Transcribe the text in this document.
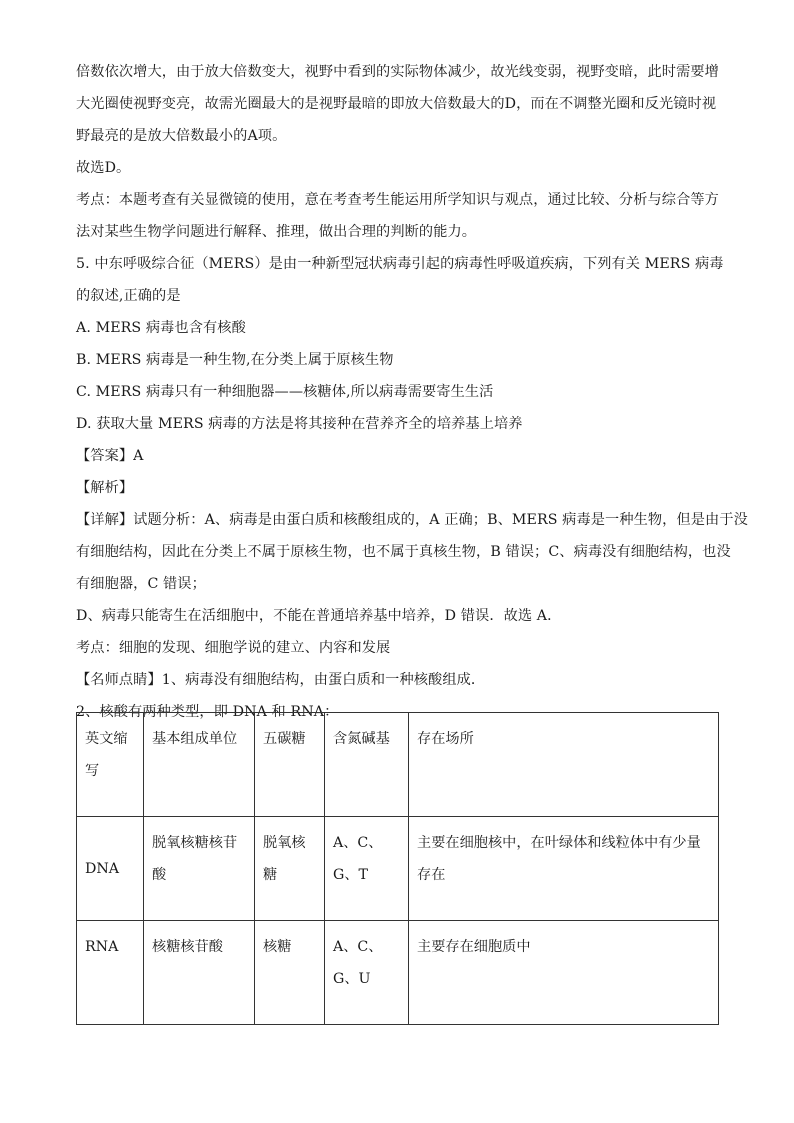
倍数依次增大，由于放大倍数变大，视野中看到的实际物体减少，故光线变弱，视野变暗，此时需要增
大光圈使视野变亮，故需光圈最大的是视野最暗的即放大倍数最大的D，而在不调整光圈和反光镜时视
野最亮的是放大倍数最小的A项。
故选D。
考点：本题考查有关显微镜的使用，意在考查考生能运用所学知识与观点，通过比较、分析与综合等方
法对某些生物学问题进行解释、推理，做出合理的判断的能力。
5. 中东呼吸综合征（MERS）是由一种新型冠状病毒引起的病毒性呼吸道疾病，下列有关 MERS 病毒
的叙述,正确的是
A. MERS 病毒也含有核酸
B. MERS 病毒是一种生物,在分类上属于原核生物
C. MERS 病毒只有一种细胞器——核糖体,所以病毒需要寄生生活
D. 获取大量 MERS 病毒的方法是将其接种在营养齐全的培养基上培养
【答案】A
【解析】
【详解】试题分析：A、病毒是由蛋白质和核酸组成的，A 正确；B、MERS 病毒是一种生物，但是由于没
有细胞结构，因此在分类上不属于原核生物，也不属于真核生物，B 错误；C、病毒没有细胞结构，也没
有细胞器，C 错误；
D、病毒只能寄生在活细胞中，不能在普通培养基中培养，D 错误．故选 A．
考点：细胞的发现、细胞学说的建立、内容和发展
【名师点睛】1、病毒没有细胞结构，由蛋白质和一种核酸组成．
2、核酸有两种类型，即 DNA 和 RNA：
英文缩写	基本组成单位	五碳糖	含氮碱基	存在场所
DNA	脱氧核糖核苷酸	脱氧核糖	A、C、G、T	主要在细胞核中，在叶绿体和线粒体中有少量存在
RNA	核糖核苷酸	核糖	A、C、G、U	主要存在细胞质中
